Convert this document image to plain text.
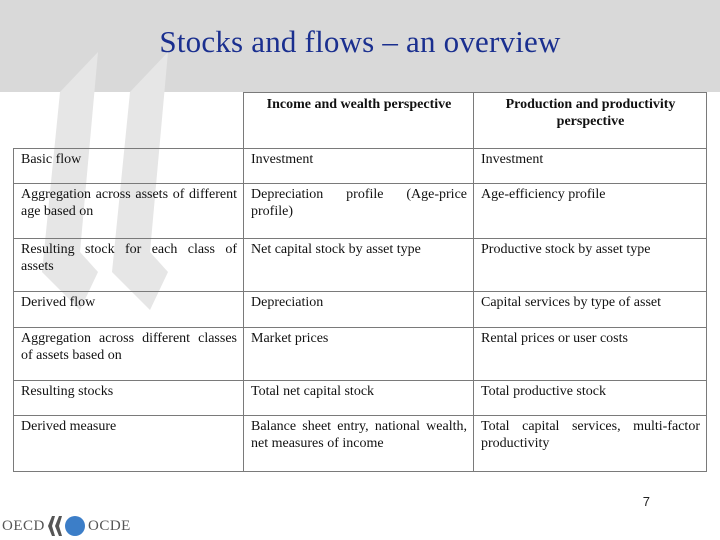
Stocks and flows – an overview
	Income and wealth perspective	Production and productivity perspective
Basic flow	Investment	Investment
Aggregation across assets of different age based on	Depreciation profile (Age-price profile)	Age-efficiency profile
Resulting stock for each class of assets	Net capital stock by asset type	Productive stock by asset type
Derived flow	Depreciation	Capital services by type of asset
Aggregation across different classes of assets based on	Market prices	Rental prices or user costs
Resulting stocks	Total net capital stock	Total productive stock
Derived measure	Balance sheet entry, national wealth, net measures of income	Total capital services, multi-factor productivity
7
OECD	OCDE
